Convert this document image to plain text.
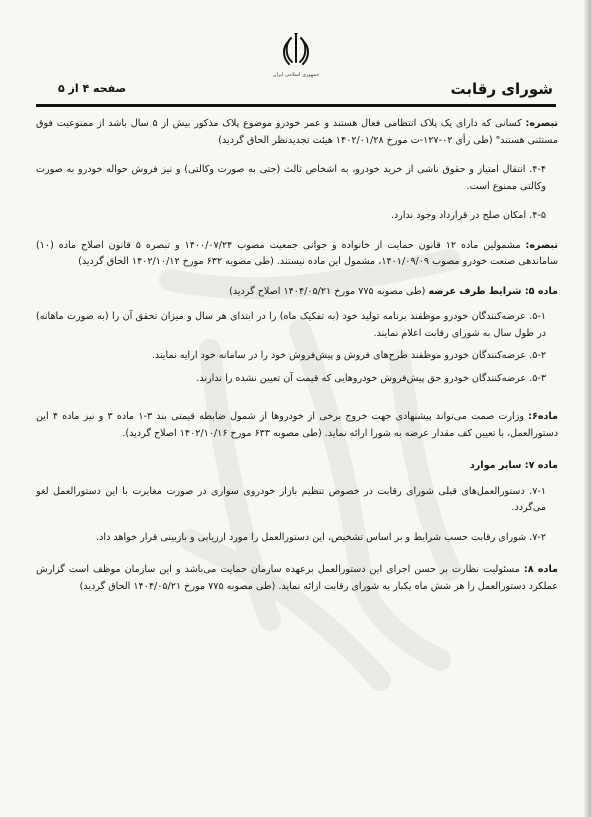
جمهوری اسلامی ایران
شورای رقابت
صفحه ۴ از ۵

تبصره: کسانی که دارای یک پلاک انتظامی فعال هستند و عمر خودرو موضوع پلاک مذکور بیش از ۵ سال باشد از ممنوعیت فوق مستثنی هستند" (طی رأی ۰۲-۱۲۷-ت مورخ ۱۴۰۲/۰۱/۲۸ هیئت تجدیدنظر الحاق گردید)

۴-۴. انتقال امتیاز و حقوق ناشی از خرید خودرو، به اشخاص ثالث (حتی به صورت وکالتی) و نیز فروش حواله خودرو به صورت وکالتی ممنوع است.

۴-۵. امکان صلح در قرارداد وجود ندارد.

تبصره: مشمولین ماده ۱۲ قانون حمایت از خانواده و جوانی جمعیت مصوب ۱۴۰۰/۰۷/۲۴ و تبصره ۵ قانون اصلاح ماده (۱۰) ساماندهی صنعت خودرو مصوب ۱۴۰۱/۰۹/۰۹، مشمول این ماده نیستند. (طی مصوبه ۶۳۲ مورخ ۱۴۰۲/۱۰/۱۲ الحاق گردید)

ماده ۵: شرایط طرف عرضه (طی مصوبه ۷۷۵ مورخ ۱۴۰۴/۰۵/۲۱ اصلاح گردید)

۵-۱. عرضه‌کنندگان خودرو موظفند برنامه تولید خود (به تفکیک ماه) را در ابتدای هر سال و میزان تحقق آن را (به صورت ماهانه) در طول سال به شورای رقابت اعلام نمایند.

۵-۲. عرضه‌کنندگان خودرو موظفند طرح‌های فروش و پیش‌فروش خود را در سامانه خود ارایه نمایند.

۵-۳. عرضه‌کنندگان خودرو حق پیش‌فروش خودروهایی که قیمت آن تعیین نشده را ندارند.

ماده۶: وزارت صمت می‌تواند پیشنهادی جهت خروج برخی از خودروها از شمول ضابطه قیمتی بند ۳-۱ ماده ۳ و نیز ماده ۴ این دستورالعمل، با تعیین کف مقدار عرضه به شورا ارائه نماید. (طی مصوبه ۶۳۳ مورخ ۱۴۰۲/۱۰/۱۶ اصلاح گردید).

ماده ۷: سایر موارد

۷-۱. دستورالعمل‌های قبلی شورای رقابت در خصوص تنظیم بازار خودروی سواری در صورت مغایرت با این دستورالعمل لغو می‌گردد.

۷-۲. شورای رقابت حسب شرایط و بر اساس تشخیص، این دستورالعمل را مورد ارزیابی و بازبینی قرار خواهد داد.

ماده ۸: مسئولیت نظارت بر حسن اجرای این دستورالعمل برعهده سازمان حمایت می‌باشد و این سازمان موظف است گزارش عملکرد دستورالعمل را هر شش ماه یکبار به شورای رقابت ارائه نماید. (طی مصوبه ۷۷۵ مورخ ۱۴۰۴/۰۵/۲۱ الحاق گردید)
